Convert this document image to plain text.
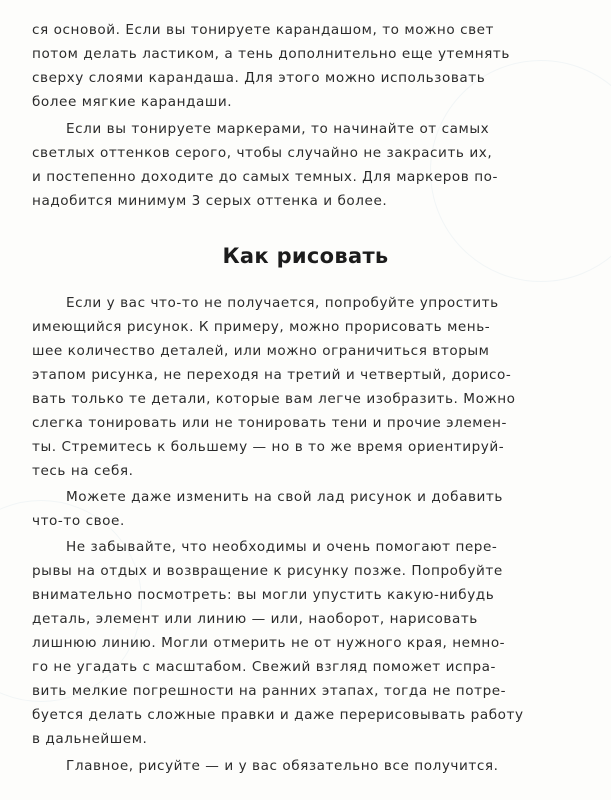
ся основой. Если вы тонируете карандашом, то можно свет
потом делать ластиком, а тень дополнительно еще утемнять
сверху слоями карандаша. Для этого можно использовать
более мягкие карандаши.
Если вы тонируете маркерами, то начинайте от самых
светлых оттенков серого, чтобы случайно не закрасить их,
и постепенно доходите до самых темных. Для маркеров по-
надобится минимум 3 серых оттенка и более.
Как рисовать
Если у вас что-то не получается, попробуйте упростить
имеющийся рисунок. К примеру, можно прорисовать мень-
шее количество деталей, или можно ограничиться вторым
этапом рисунка, не переходя на третий и четвертый, дорисо-
вать только те детали, которые вам легче изобразить. Можно
слегка тонировать или не тонировать тени и прочие элемен-
ты. Стремитесь к большему — но в то же время ориентируй-
тесь на себя.
Можете даже изменить на свой лад рисунок и добавить
что-то свое.
Не забывайте, что необходимы и очень помогают пере-
рывы на отдых и возвращение к рисунку позже. Попробуйте
внимательно посмотреть: вы могли упустить какую-нибудь
деталь, элемент или линию — или, наоборот, нарисовать
лишнюю линию. Могли отмерить не от нужного края, немно-
го не угадать с масштабом. Свежий взгляд поможет испра-
вить мелкие погрешности на ранних этапах, тогда не потре-
буется делать сложные правки и даже перерисовывать работу
в дальнейшем.
Главное, рисуйте — и у вас обязательно все получится.
